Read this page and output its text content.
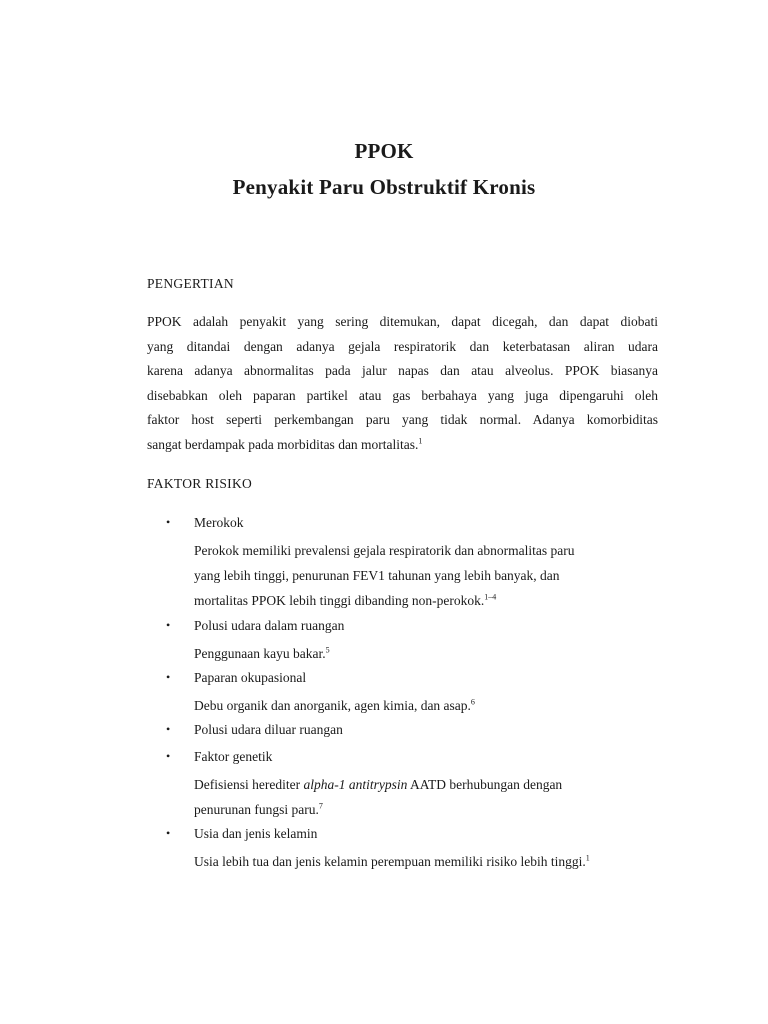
PPOK
Penyakit Paru Obstruktif Kronis
PENGERTIAN
PPOK adalah penyakit yang sering ditemukan, dapat dicegah, dan dapat diobati
yang ditandai dengan adanya gejala respiratorik dan keterbatasan aliran udara
karena adanya abnormalitas pada jalur napas dan atau alveolus. PPOK biasanya
disebabkan oleh paparan partikel atau gas berbahaya yang juga dipengaruhi oleh
faktor host seperti perkembangan paru yang tidak normal. Adanya komorbiditas
sangat berdampak pada morbiditas dan mortalitas.$^1$
FAKTOR RISIKO
• Merokok
Perokok memiliki prevalensi gejala respiratorik dan abnormalitas paru
yang lebih tinggi, penurunan FEV1 tahunan yang lebih banyak, dan
mortalitas PPOK lebih tinggi dibanding non-perokok.$^{1-4}$
• Polusi udara dalam ruangan
Penggunaan kayu bakar.$^5$
• Paparan okupasional
Debu organik dan anorganik, agen kimia, dan asap.$^6$
• Polusi udara diluar ruangan
• Faktor genetik
Defisiensi herediter alpha-1 antitrypsin AATD berhubungan dengan
penurunan fungsi paru.$^7$
• Usia dan jenis kelamin
Usia lebih tua dan jenis kelamin perempuan memiliki risiko lebih tinggi.$^1$
